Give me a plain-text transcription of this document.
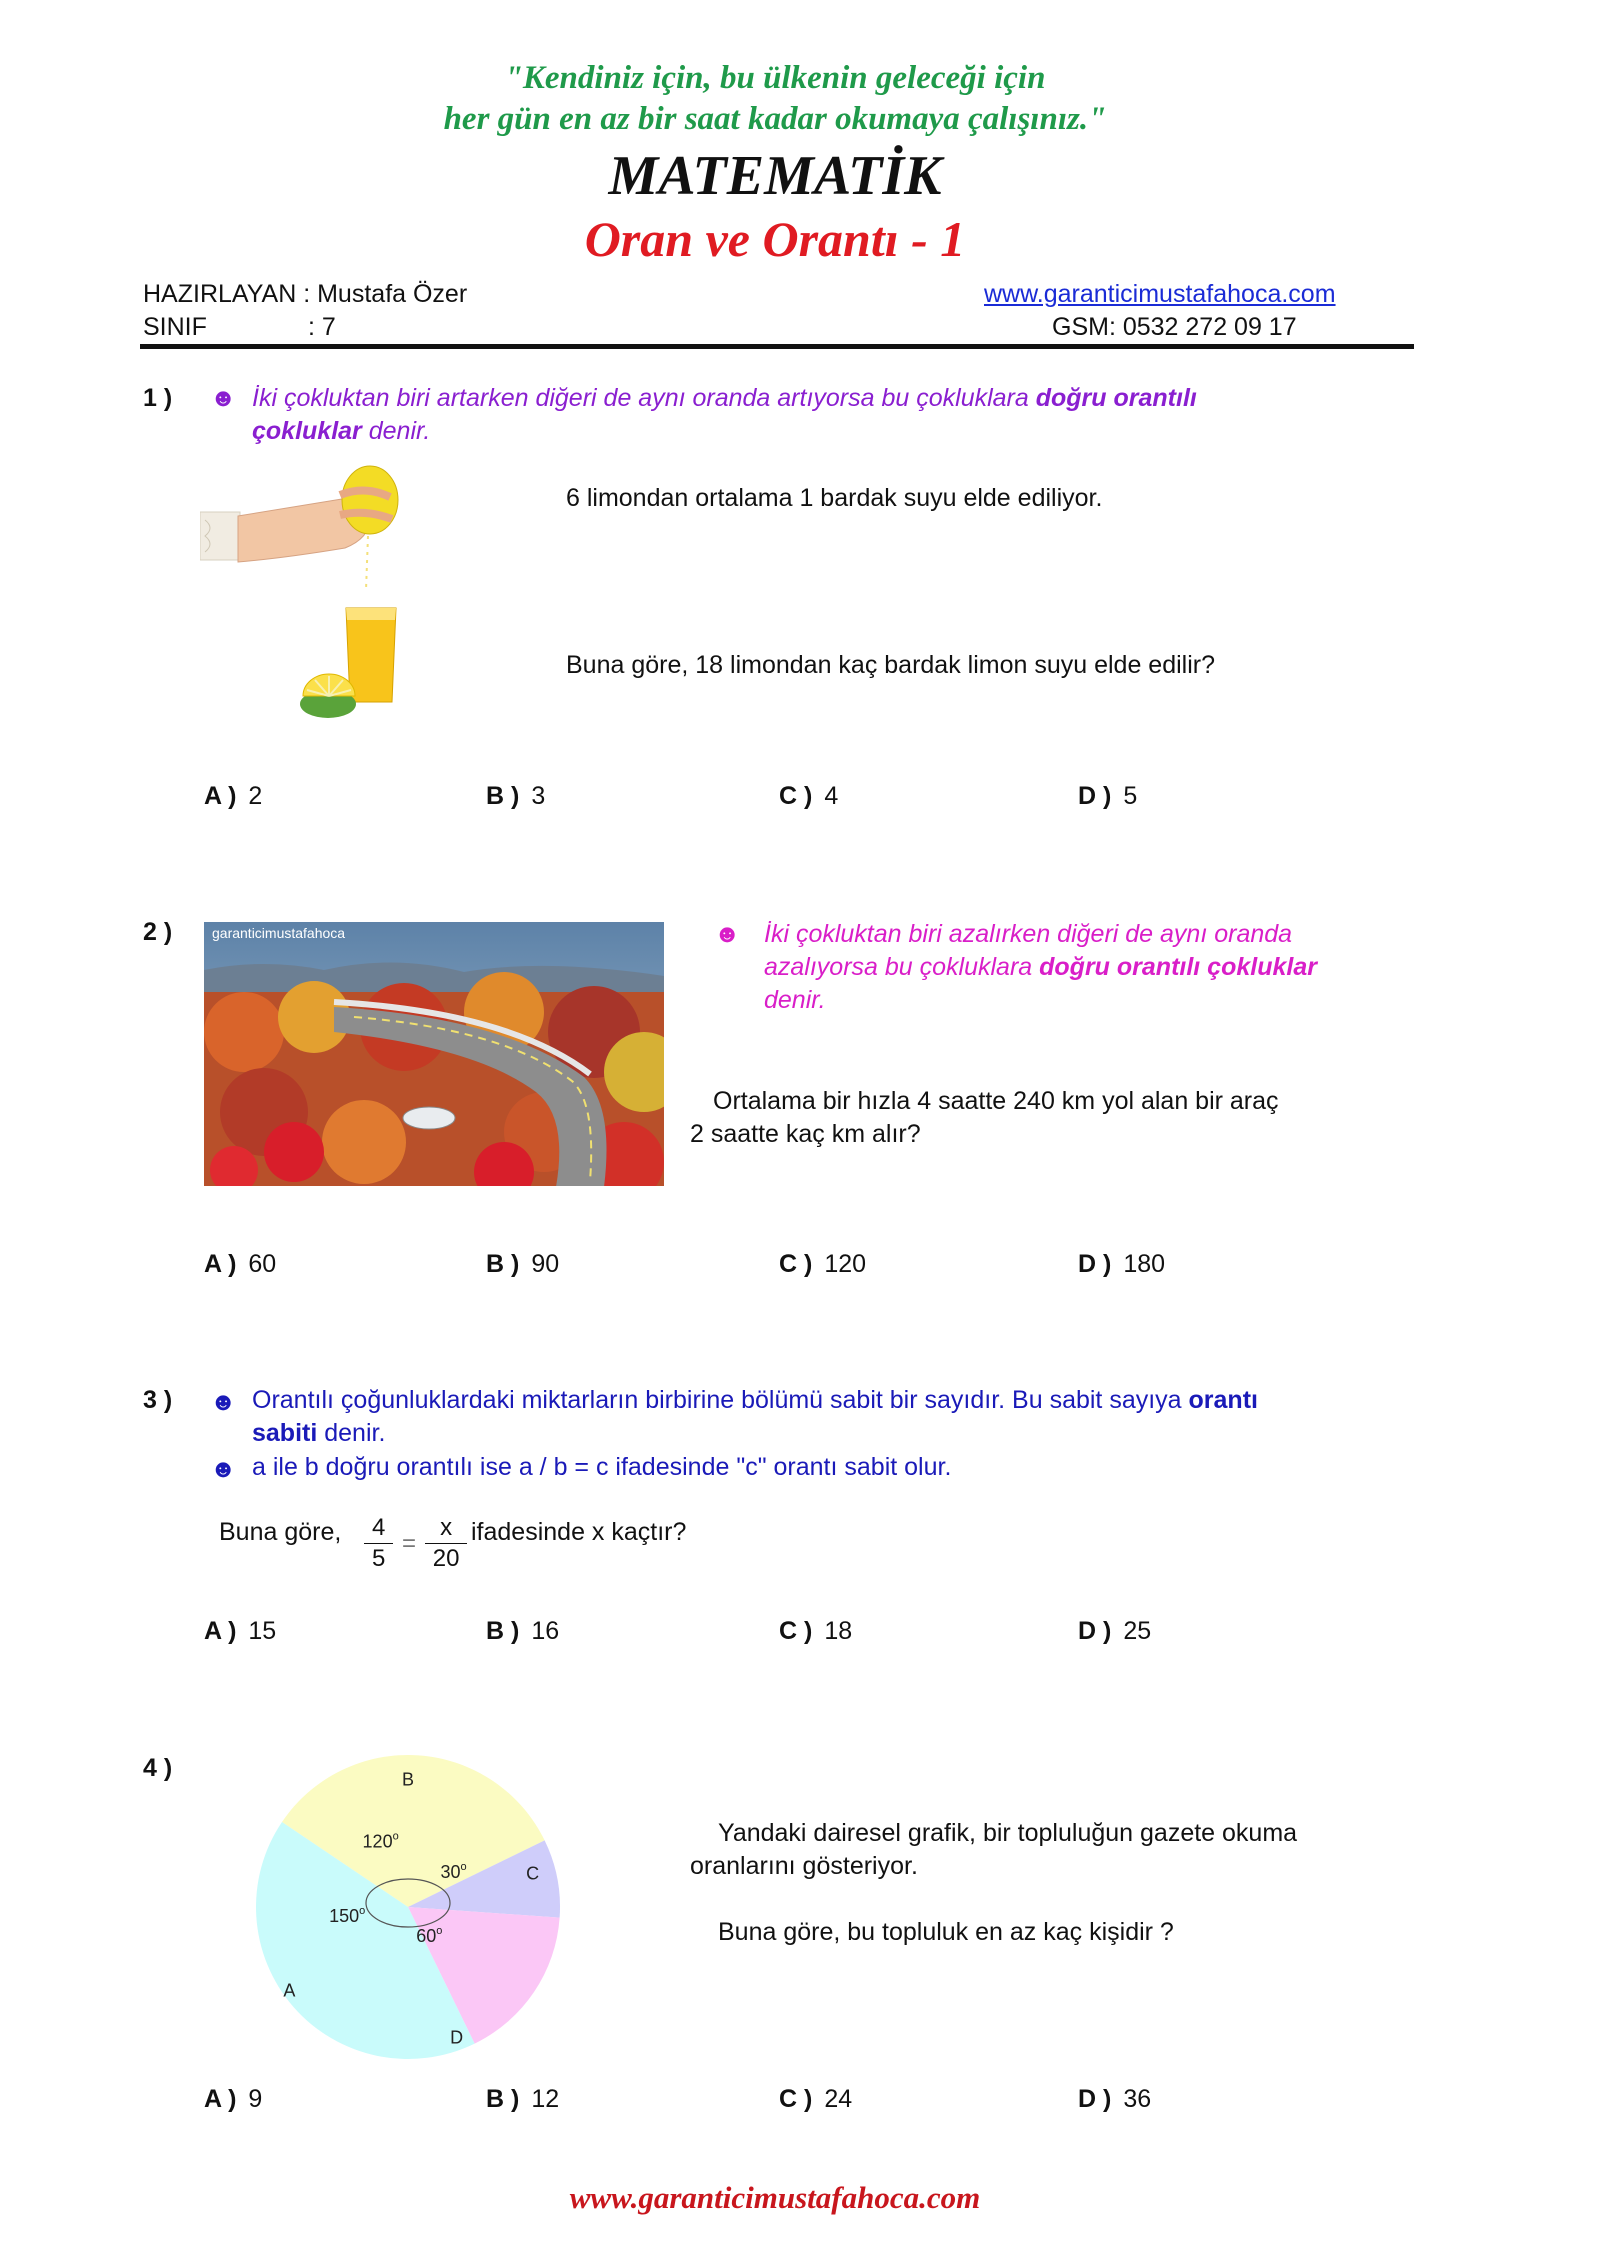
"Kendiniz için, bu ülkenin geleceği için
her gün en az bir saat kadar okumaya çalışınız."
MATEMATİK
Oran ve Orantı - 1
HAZIRLAYAN : Mustafa Özer
SINIF	: 7
www.garanticimustafahoca.com
GSM: 0532 272 09 17
1 ) ☻ İki çokluktan biri artarken diğeri de aynı oranda artıyorsa bu çokluklara doğru orantılı
çokluklar denir.
6 limondan ortalama 1 bardak suyu elde ediliyor.
Buna göre, 18 limondan kaç bardak limon suyu elde edilir?
A ) 2	B ) 3	C ) 4	D ) 5
2 )	garanticimustafahoca	☻ İki çokluktan biri azalırken diğeri de aynı oranda
azalıyorsa bu çokluklara doğru orantılı çokluklar
denir.
Ortalama bir hızla 4 saatte 240 km yol alan bir araç
2 saatte kaç km alır?
A ) 60	B ) 90	C ) 120	D ) 180
3 ) ☻ Orantılı çoğunluklardaki miktarların birbirine bölümü sabit bir sayıdır. Bu sabit sayıya orantı
sabiti denir.
☻ a ile b doğru orantılı ise a / b = c ifadesinde "c" orantı sabit olur.
Buna göre, $\frac{4}{5} = \frac{x}{20}$ ifadesinde x kaçtır?
A ) 15	B ) 16	C ) 18	D ) 25
4 )	B
120$^o$
C
30$^o$
D
60$^o$
A
150$^o$
Yandaki dairesel grafik, bir topluluğun gazete okuma
oranlarını gösteriyor.
Buna göre, bu topluluk en az kaç kişidir ?
A ) 9	B ) 12	C ) 24	D ) 36
www.garanticimustafahoca.com
